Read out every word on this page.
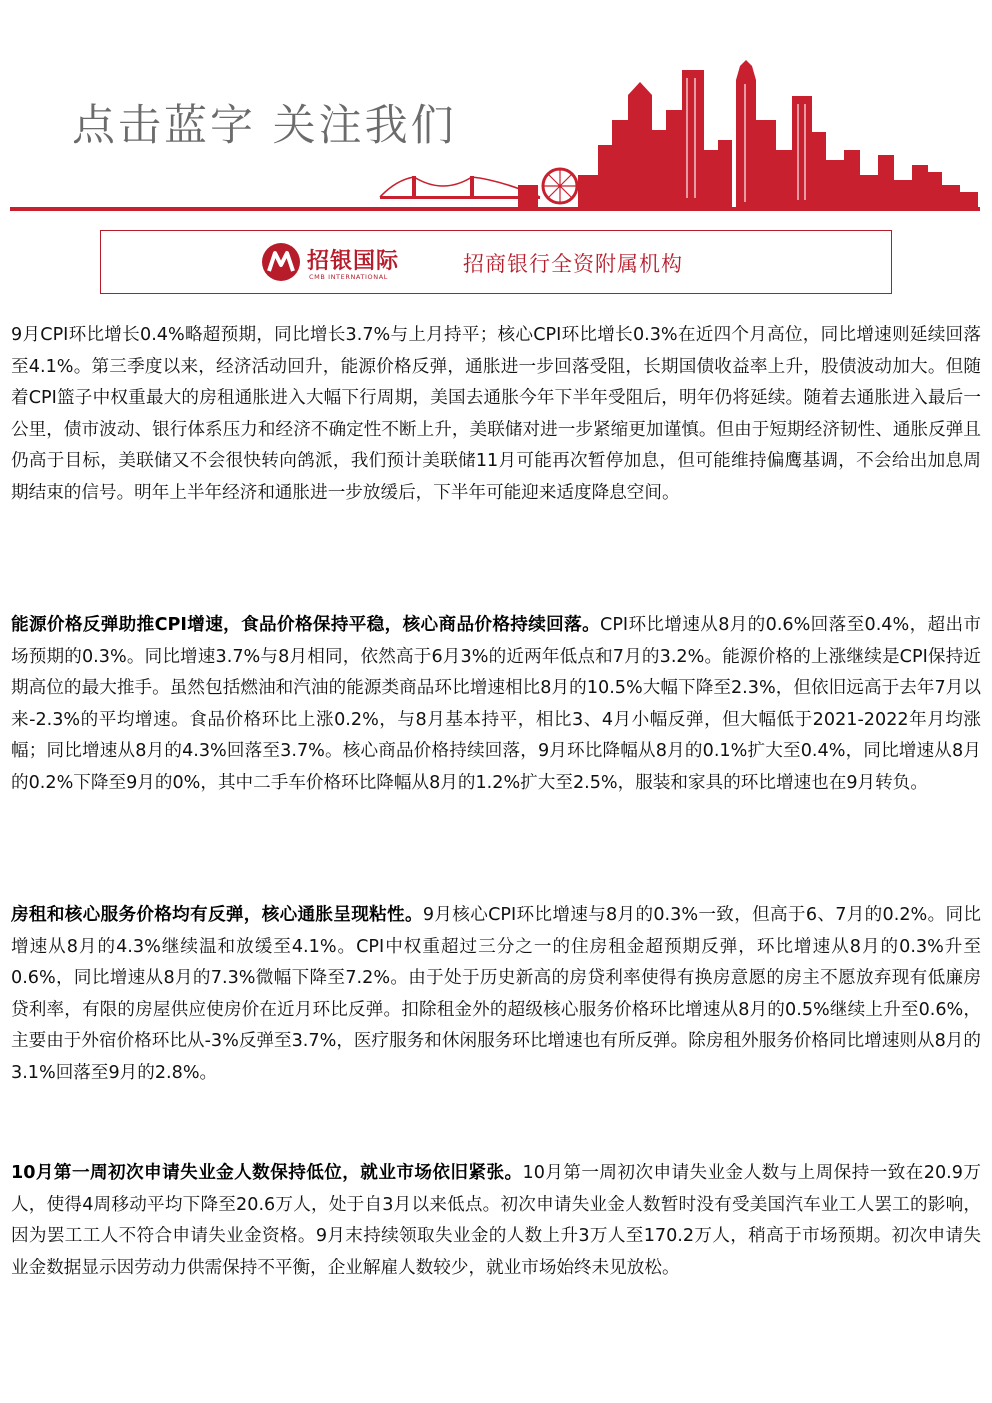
点击蓝字 关注我们
招银国际
CMB INTERNATIONAL
招商银行全资附属机构

9月CPI环比增长0.4%略超预期，同比增长3.7%与上月持平；核心CPI环比增长0.3%在近四个月高位，同比增速则延续回落至4.1%。第三季度以来，经济活动回升，能源价格反弹，通胀进一步回落受阻，长期国债收益率上升，股债波动加大。但随着CPI篮子中权重最大的房租通胀进入大幅下行周期，美国去通胀今年下半年受阻后，明年仍将延续。随着去通胀进入最后一公里，债市波动、银行体系压力和经济不确定性不断上升，美联储对进一步紧缩更加谨慎。但由于短期经济韧性、通胀反弹且仍高于目标，美联储又不会很快转向鸽派，我们预计美联储11月可能再次暂停加息，但可能维持偏鹰基调，不会给出加息周期结束的信号。明年上半年经济和通胀进一步放缓后，下半年可能迎来适度降息空间。

能源价格反弹助推CPI增速，食品价格保持平稳，核心商品价格持续回落。CPI环比增速从8月的0.6%回落至0.4%，超出市场预期的0.3%。同比增速3.7%与8月相同，依然高于6月3%的近两年低点和7月的3.2%。能源价格的上涨继续是CPI保持近期高位的最大推手。虽然包括燃油和汽油的能源类商品环比增速相比8月的10.5%大幅下降至2.3%，但依旧远高于去年7月以来-2.3%的平均增速。食品价格环比上涨0.2%，与8月基本持平，相比3、4月小幅反弹，但大幅低于2021-2022年月均涨幅；同比增速从8月的4.3%回落至3.7%。核心商品价格持续回落，9月环比降幅从8月的0.1%扩大至0.4%，同比增速从8月的0.2%下降至9月的0%，其中二手车价格环比降幅从8月的1.2%扩大至2.5%，服装和家具的环比增速也在9月转负。

房租和核心服务价格均有反弹，核心通胀呈现粘性。9月核心CPI环比增速与8月的0.3%一致，但高于6、7月的0.2%。同比增速从8月的4.3%继续温和放缓至4.1%。CPI中权重超过三分之一的住房租金超预期反弹，环比增速从8月的0.3%升至0.6%，同比增速从8月的7.3%微幅下降至7.2%。由于处于历史新高的房贷利率使得有换房意愿的房主不愿放弃现有低廉房贷利率，有限的房屋供应使房价在近月环比反弹。扣除租金外的超级核心服务价格环比增速从8月的0.5%继续上升至0.6%，主要由于外宿价格环比从-3%反弹至3.7%，医疗服务和休闲服务环比增速也有所反弹。除房租外服务价格同比增速则从8月的3.1%回落至9月的2.8%。

10月第一周初次申请失业金人数保持低位，就业市场依旧紧张。10月第一周初次申请失业金人数与上周保持一致在20.9万人，使得4周移动平均下降至20.6万人，处于自3月以来低点。初次申请失业金人数暂时没有受美国汽车业工人罢工的影响，因为罢工工人不符合申请失业金资格。9月末持续领取失业金的人数上升3万人至170.2万人，稍高于市场预期。初次申请失业金数据显示因劳动力供需保持不平衡，企业解雇人数较少，就业市场始终未见放松。
